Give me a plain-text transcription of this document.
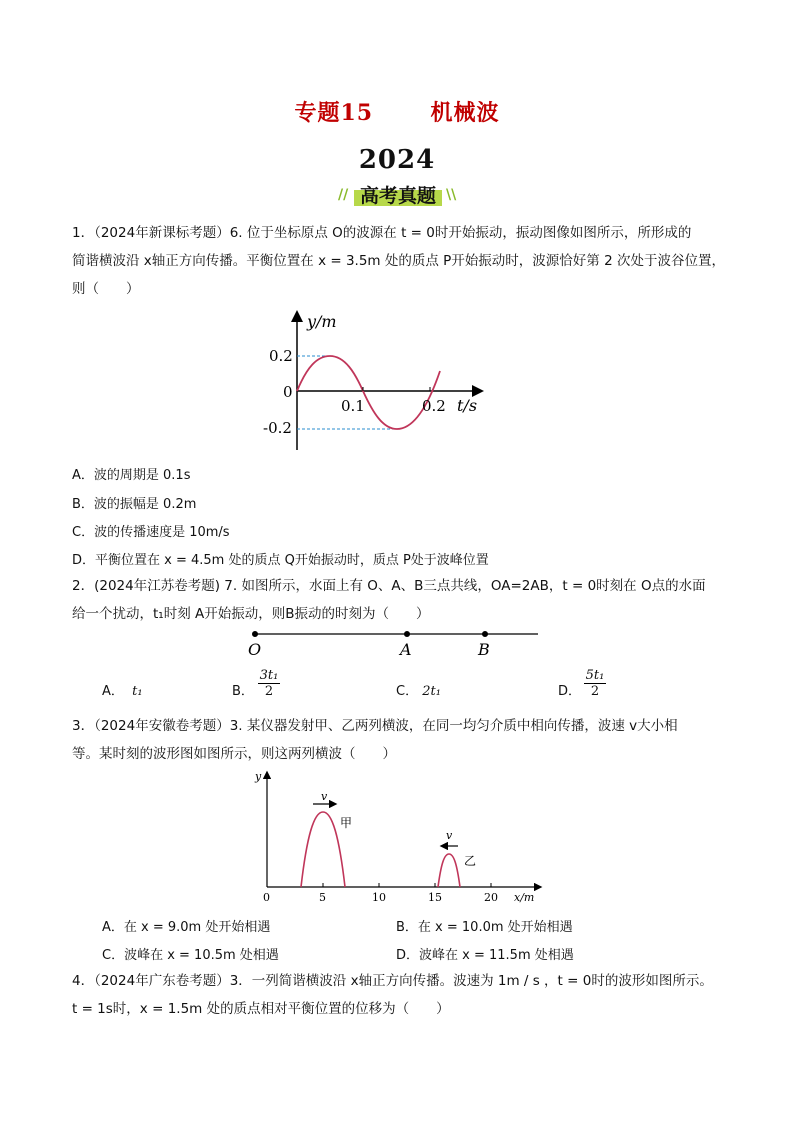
专题15	机械波
2024
// 高考真题 \\
1．（2024年新课标考题）6. 位于坐标原点 O的波源在 t = 0时开始振动，振动图像如图所示，所形成的
简谐横波沿 x轴正方向传播。平衡位置在 x = 3.5m 处的质点 P开始振动时，波源恰好第 2 次处于波谷位置，
则（　　）
y/m
0.2
0
-0.2
0.1	0.2 t/s
A．波的周期是 0.1s
B．波的振幅是 0.2m
C．波的传播速度是 10m/s
D．平衡位置在 x = 4.5m 处的质点 Q开始振动时，质点 P处于波峰位置
2．(2024年江苏卷考题) 7. 如图所示，水面上有 O、A、B三点共线，OA=2AB，t = 0时刻在 O点的水面
给一个扰动，t₁时刻 A开始振动，则B振动的时刻为（　　）
O	A	B
A． t₁	B．
3t₁

2	C． 2t₁	D．
5t₁

2
3．（2024年安徽卷考题）3. 某仪器发射甲、乙两列横波，在同一均匀介质中相向传播，波速 v大小相
等。某时刻的波形图如图所示，则这两列横波（　　）
v
v
甲
乙
y
0	5	10	15	20 x/m
A．在 x = 9.0m 处开始相遇	B．在 x = 10.0m 处开始相遇
C．波峰在 x = 10.5m 处相遇	D．波峰在 x = 11.5m 处相遇
4．（2024年广东卷考题）3．一列简谐横波沿 x轴正方向传播。波速为 1m / s ，t = 0时的波形如图所示。
t = 1s时，x = 1.5m 处的质点相对平衡位置的位移为（　　）
